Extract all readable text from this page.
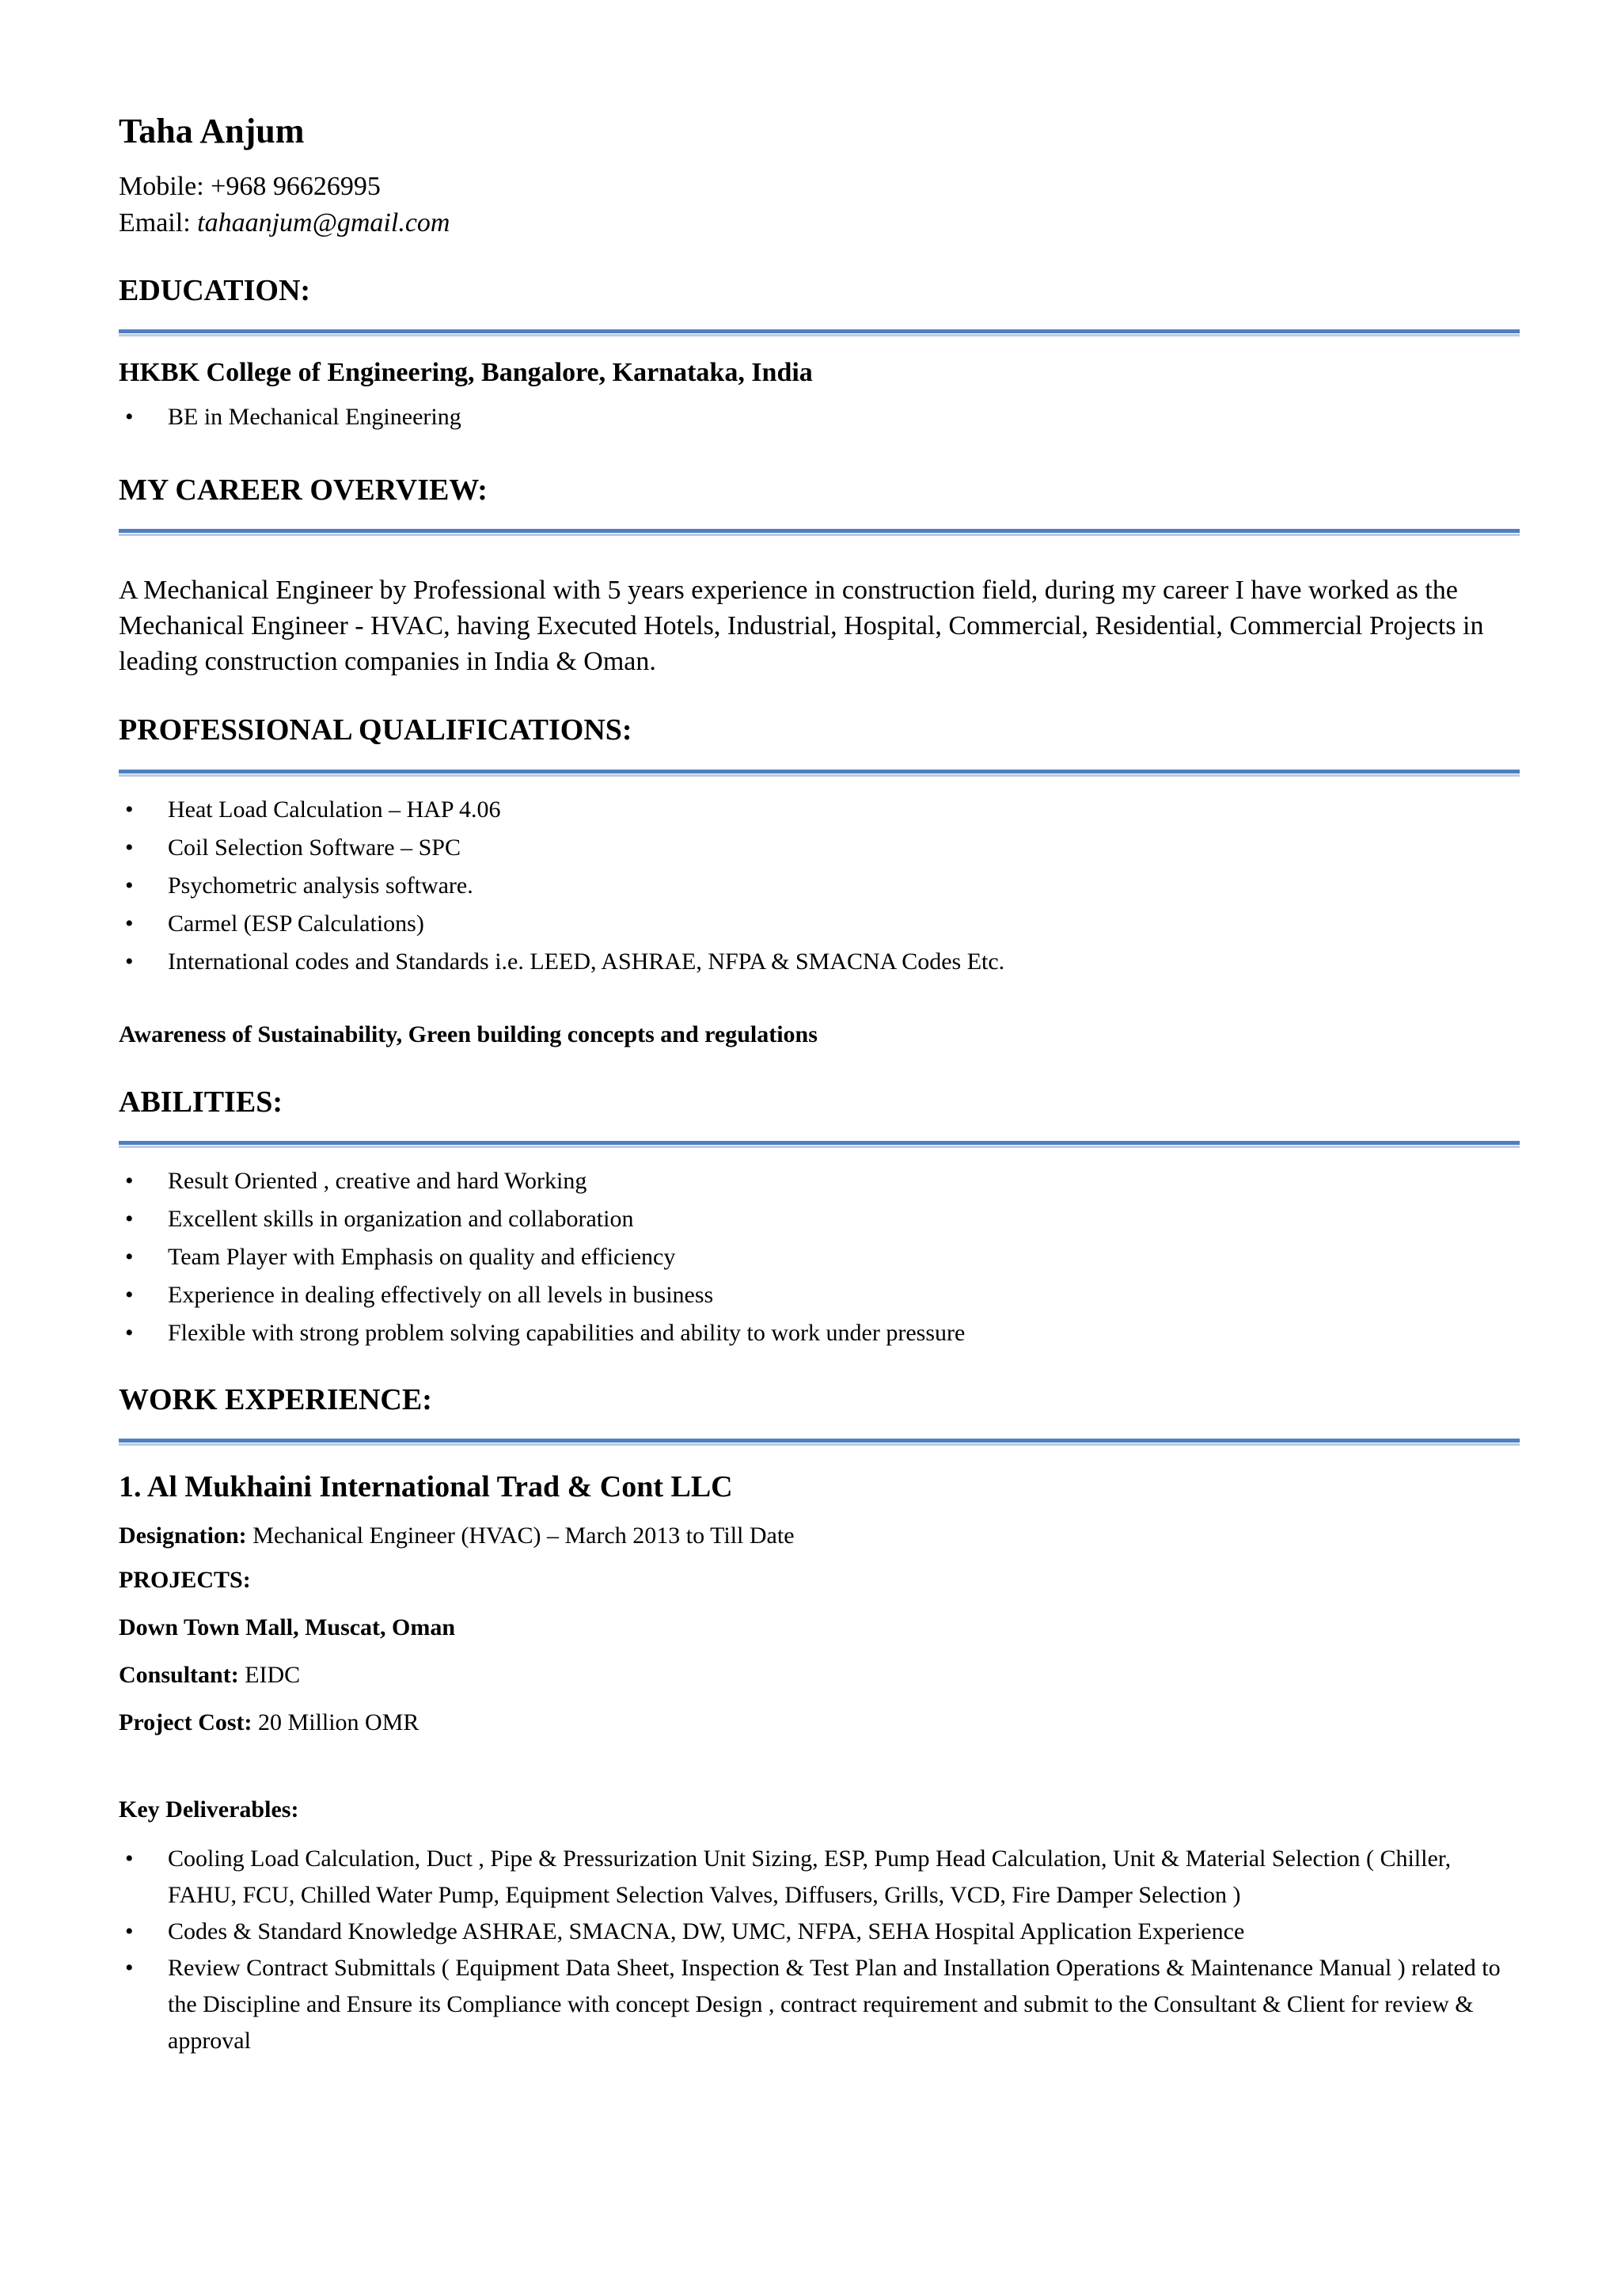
Taha Anjum
Mobile: +968 96626995
Email: tahaanjum@gmail.com
EDUCATION:
HKBK College of Engineering, Bangalore, Karnataka, India
• BE in Mechanical Engineering
MY CAREER OVERVIEW:
A Mechanical Engineer by Professional with 5 years experience in construction field, during my career I have worked as the Mechanical Engineer - HVAC, having Executed Hotels, Industrial, Hospital, Commercial, Residential, Commercial Projects in leading construction companies in India & Oman.
PROFESSIONAL QUALIFICATIONS:
• Heat Load Calculation – HAP 4.06
• Coil Selection Software – SPC
• Psychometric analysis software.
• Carmel (ESP Calculations)
• International codes and Standards i.e. LEED, ASHRAE, NFPA & SMACNA Codes Etc.
Awareness of Sustainability, Green building concepts and regulations
ABILITIES:
• Result Oriented , creative and hard Working
• Excellent skills in organization and collaboration
• Team Player with Emphasis on quality and efficiency
• Experience in dealing effectively on all levels in business
• Flexible with strong problem solving capabilities and ability to work under pressure
WORK EXPERIENCE:
1. Al Mukhaini International Trad & Cont LLC
Designation: Mechanical Engineer (HVAC) – March 2013 to Till Date
PROJECTS:
Down Town Mall, Muscat, Oman
Consultant: EIDC
Project Cost: 20 Million OMR
Key Deliverables:
• Cooling Load Calculation, Duct , Pipe & Pressurization Unit Sizing, ESP, Pump Head Calculation, Unit & Material Selection ( Chiller, FAHU, FCU, Chilled Water Pump, Equipment Selection Valves, Diffusers, Grills, VCD, Fire Damper Selection )
• Codes & Standard Knowledge ASHRAE, SMACNA, DW, UMC, NFPA, SEHA Hospital Application Experience
• Review Contract Submittals ( Equipment Data Sheet, Inspection & Test Plan and Installation Operations & Maintenance Manual ) related to the Discipline and Ensure its Compliance with concept Design , contract requirement and submit to the Consultant & Client for review & approval
